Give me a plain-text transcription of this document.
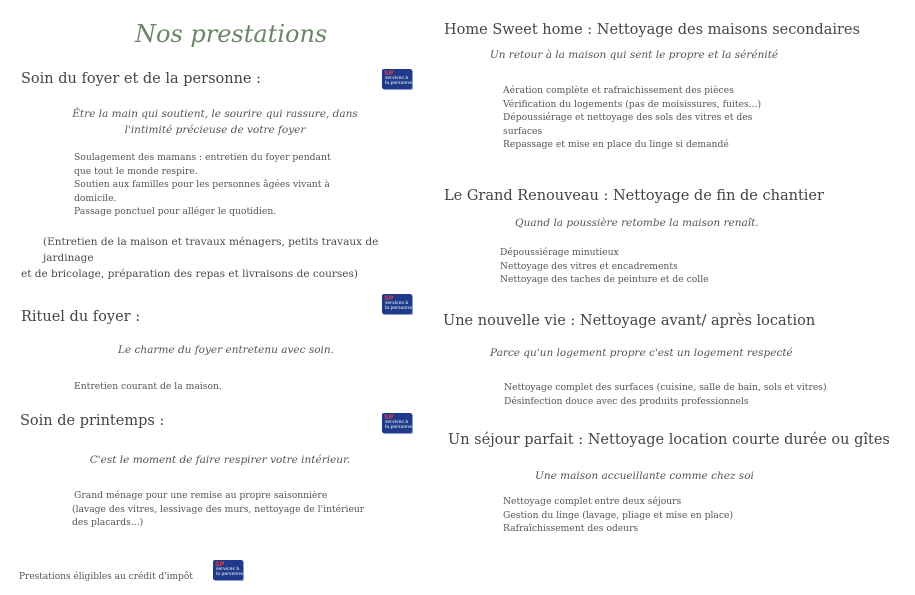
Nos prestations
Soin du foyer et de la personne :	SP
services à
la personne
Être la main qui soutient, le sourire qui rassure, dans
l'intimité précieuse de votre foyer

Soulagement des mamans : entretien du foyer pendant

que tout le monde respire.

Soutien aux familles pour les personnes âgées vivant à

domicile.

Passage ponctuel pour alléger le quotidien.

(Entretien de la maison et travaux ménagers, petits travaux de jardinage
et de bricolage, préparation des repas et livraisons de courses)
SP
services à
la personne
Rituel du foyer :
Le charme du foyer entretenu avec soin.

Entretien courant de la maison.

Soin de printemps :	SP
services à
la personne
C'est le moment de faire respirer votre intérieur.

Grand ménage pour une remise au propre saisonnière

(lavage des vitres, lessivage des murs, nettoyage de l'intérieur

des placards...)

Prestations éligibles au crédit d'impôt
SP
services à
la personne
Home Sweet home : Nettoyage des maisons secondaires
Un retour à la maison qui sent le propre et la sérénité

Aération complète et rafraichissement des pièces

Vérification du logements (pas de moisissures, fuites...)

Dépoussiérage et nettoyage des sols des vitres et des

surfaces

Repassage et mise en place du linge si demandé

Le Grand Renouveau : Nettoyage de fin de chantier
Quand la poussière retombe la maison renaît.

Dépoussiérage minutieux

Nettoyage des vitres et encadrements

Nettoyage des taches de peinture et de colle

Une nouvelle vie : Nettoyage avant/ après location
Parce qu'un logement propre c'est un logement respecté

Nettoyage complet des surfaces (cuisine, salle de bain, sols et vitres)

Désinfection douce avec des produits professionnels

Un séjour parfait : Nettoyage location courte durée ou gîtes
Une maison accueillante comme chez soi

Nettoyage complet entre deux séjours

Gestion du linge (lavage, pliage et mise en place)

Rafraîchissement des odeurs
